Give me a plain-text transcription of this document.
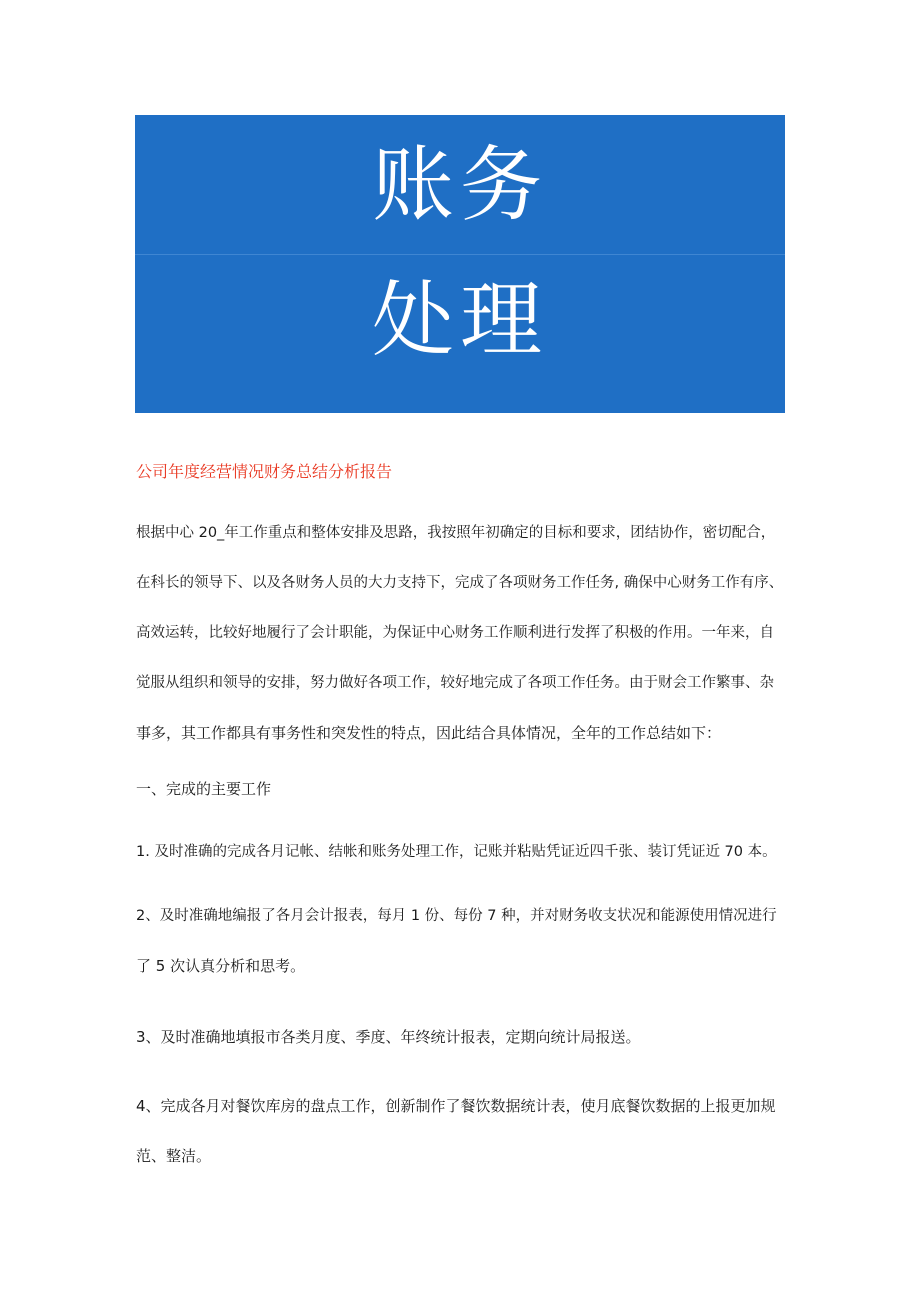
账务
处理
公司年度经营情况财务总结分析报告

根据中心 20_年工作重点和整体安排及思路，我按照年初确定的目标和要求，团结协作，密切配合，
在科长的领导下、以及各财务人员的大力支持下，完成了各项财务工作任务, 确保中心财务工作有序、
高效运转，比较好地履行了会计职能，为保证中心财务工作顺利进行发挥了积极的作用。一年来，自
觉服从组织和领导的安排，努力做好各项工作，较好地完成了各项工作任务。由于财会工作繁事、杂
事多，其工作都具有事务性和突发性的特点，因此结合具体情况，全年的工作总结如下：

一、完成的主要工作

1. 及时准确的完成各月记帐、结帐和账务处理工作，记账并粘贴凭证近四千张、装订凭证近 70 本。

2、及时准确地编报了各月会计报表，每月 1 份、每份 7 种，并对财务收支状况和能源使用情况进行
了 5 次认真分析和思考。

3、及时准确地填报市各类月度、季度、年终统计报表，定期向统计局报送。

4、完成各月对餐饮库房的盘点工作，创新制作了餐饮数据统计表，使月底餐饮数据的上报更加规
范、整洁。
